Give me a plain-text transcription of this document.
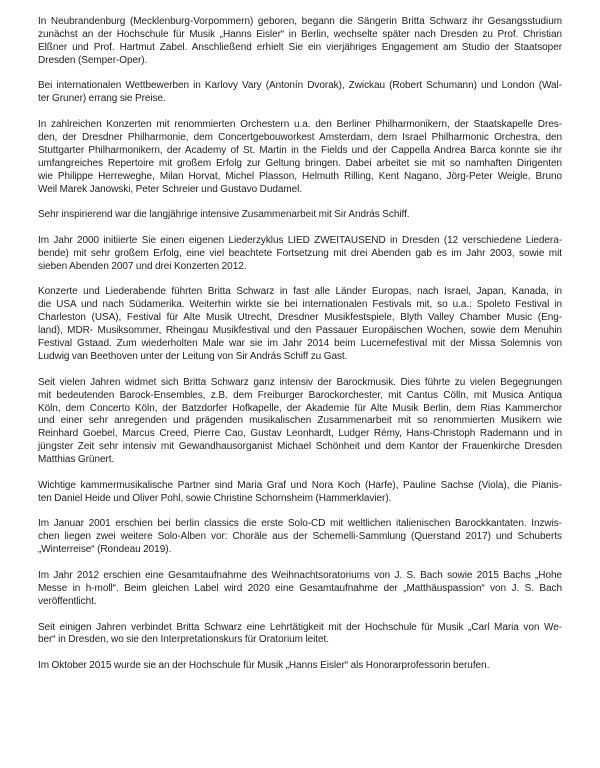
In Neubrandenburg (Mecklenburg-Vorpommern) geboren, begann die Sängerin Britta Schwarz ihr Gesangsstudium
zunächst an der Hochschule für Musik „Hanns Eisler“ in Berlin, wechselte später nach Dresden zu Prof. Christian
Elßner und Prof. Hartmut Zabel. Anschließend erhielt Sie ein vierjähriges Engagement am Studio der Staatsoper
Dresden (Semper-Oper).

Bei internationalen Wettbewerben in Karlovy Vary (Antonín Dvorak), Zwickau (Robert Schumann) und London (Wal-
ter Gruner) errang sie Preise.

In zahlreichen Konzerten mit renommierten Orchestern u.a. den Berliner Philharmonikern, der Staatskapelle Dres-
den, der Dresdner Philharmonie, dem Concertgebouworkest Amsterdam, dem Israel Philharmonic Orchestra, den
Stuttgarter Philharmonikern, der Academy of St. Martin in the Fields und der Cappella Andrea Barca konnte sie ihr
umfangreiches Repertoire mit großem Erfolg zur Geltung bringen. Dabei arbeitet sie mit so namhaften Dirigenten
wie Philippe Herreweghe, Milan Horvat, Michel Plasson, Helmuth Rilling, Kent Nagano, Jörg-Peter Weigle, Bruno
Weil Marek Janowski, Peter Schreier und Gustavo Dudamel.

Sehr inspirierend war die langjährige intensive Zusammenarbeit mit Sir András Schiff.

Im Jahr 2000 initiierte Sie einen eigenen Liederzyklus LIED ZWEITAUSEND in Dresden (12 verschiedene Liedera-
bende) mit sehr großem Erfolg, eine viel beachtete Fortsetzung mit drei Abenden gab es im Jahr 2003, sowie mit
sieben Abenden 2007 und drei Konzerten 2012.

Konzerte und Liederabende führten Britta Schwarz in fast alle Länder Europas, nach Israel, Japan, Kanada, in
die USA und nach Südamerika. Weiterhin wirkte sie bei internationalen Festivals mit, so u.a.: Spoleto Festival in
Charleston (USA), Festival für Alte Musik Utrecht, Dresdner Musikfestspiele, Blyth Valley Chamber Music (Eng-
land), MDR- Musiksommer, Rheingau Musikfestival und den Passauer Europäischen Wochen, sowie dem Menuhin
Festival Gstaad. Zum wiederholten Male war sie im Jahr 2014 beim Lucernefestival mit der Missa Solemnis von
Ludwig van Beethoven unter der Leitung von Sir András Schiff zu Gast.

Seit vielen Jahren widmet sich Britta Schwarz ganz intensiv der Barockmusik. Dies führte zu vielen Begegnungen
mit bedeutenden Barock-Ensembles, z.B. dem Freiburger Barockorchester, mit Cantus Cölln, mit Musica Antiqua
Köln, dem Concerto Köln, der Batzdorfer Hofkapelle, der Akademie für Alte Musik Berlin, dem Rias Kammerchor
und einer sehr anregenden und prägenden musikalischen Zusammenarbeit mit so renommierten Musikern wie
Reinhard Goebel, Marcus Creed, Pierre Cao, Gustav Leonhardt, Ludger Rémy, Hans-Christoph Rademann und in
jüngster Zeit sehr intensiv mit Gewandhausorganist Michael Schönheit und dem Kantor der Frauenkirche Dresden
Matthias Grünert.

Wichtige kammermusikalische Partner sind Maria Graf und Nora Koch (Harfe), Pauline Sachse (Viola), die Pianis-
ten Daniel Heide und Oliver Pohl, sowie Christine Schornsheim (Hammerklavier).

Im Januar 2001 erschien bei berlin classics die erste Solo-CD mit weltlichen italienischen Barockkantaten. Inzwis-
chen liegen zwei weitere Solo-Alben vor: Choräle aus der Schemelli-Sammlung (Querstand 2017) und Schuberts
„Winterreise“ (Rondeau 2019).

Im Jahr 2012 erschien eine Gesamtaufnahme des Weihnachtsoratoriums von J. S. Bach sowie 2015 Bachs „Hohe
Messe in h-moll“. Beim gleichen Label wird 2020 eine Gesamtaufnahme der „Matthäuspassion“ von J. S. Bach
veröffentlicht.

Seit einigen Jahren verbindet Britta Schwarz eine Lehrtätigkeit mit der Hochschule für Musik „Carl Maria von We-
ber“ in Dresden, wo sie den Interpretationskurs für Oratorium leitet.

Im Oktober 2015 wurde sie an der Hochschule für Musik „Hanns Eisler“ als Honorarprofessorin berufen.
